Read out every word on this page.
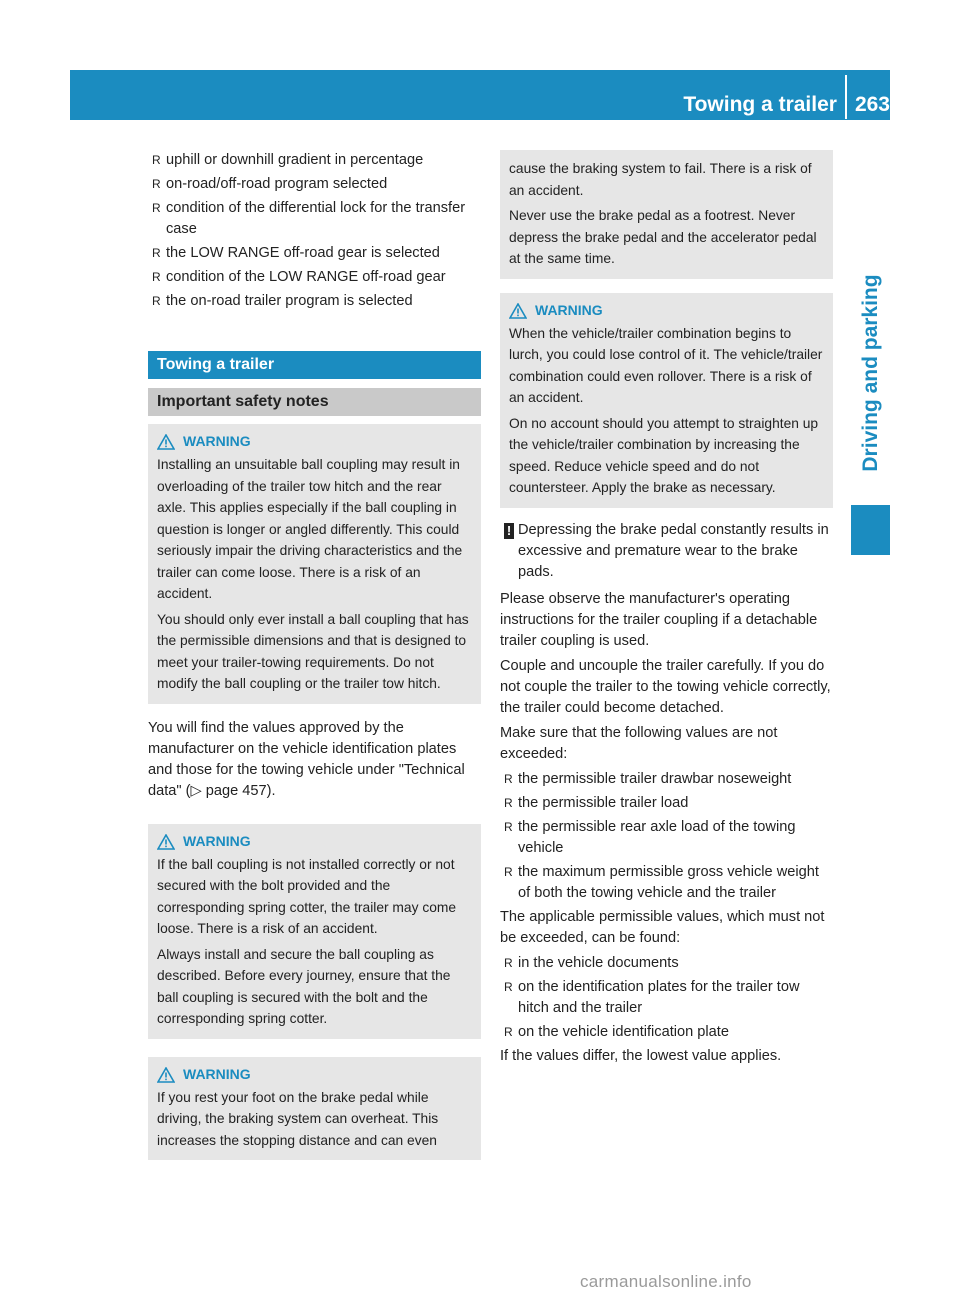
Towing a trailer 263
Driving and parking
R uphill or downhill gradient in percentage
R on-road/off-road program selected
R condition of the differential lock for the transfer case
R the LOW RANGE off-road gear is selected
R condition of the LOW RANGE off-road gear
R the on-road trailer program is selected
Towing a trailer
Important safety notes
WARNING

Installing an unsuitable ball coupling may result in overloading of the trailer tow hitch and the rear axle. This applies especially if the ball coupling in question is longer or angled differently. This could seriously impair the driving characteristics and the trailer can come loose. There is a risk of an accident.

You should only ever install a ball coupling that has the permissible dimensions and that is designed to meet your trailer-towing requirements. Do not modify the ball coupling or the trailer tow hitch.

You will find the values approved by the manufacturer on the vehicle identification plates and those for the towing vehicle under "Technical data" (▷ page 457).

WARNING

If the ball coupling is not installed correctly or not secured with the bolt provided and the corresponding spring cotter, the trailer may come loose. There is a risk of an accident.

Always install and secure the ball coupling as described. Before every journey, ensure that the ball coupling is secured with the bolt and the corresponding spring cotter.

WARNING

If you rest your foot on the brake pedal while driving, the braking system can overheat. This increases the stopping distance and can even

cause the braking system to fail. There is a risk of an accident.

Never use the brake pedal as a footrest. Never depress the brake pedal and the accelerator pedal at the same time.

WARNING

When the vehicle/trailer combination begins to lurch, you could lose control of it. The vehicle/trailer combination could even rollover. There is a risk of an accident.

On no account should you attempt to straighten up the vehicle/trailer combination by increasing the speed. Reduce vehicle speed and do not countersteer. Apply the brake as necessary.

! Depressing the brake pedal constantly results in excessive and premature wear to the brake pads.

Please observe the manufacturer's operating instructions for the trailer coupling if a detachable trailer coupling is used.

Couple and uncouple the trailer carefully. If you do not couple the trailer to the towing vehicle correctly, the trailer could become detached.

Make sure that the following values are not exceeded:

R the permissible trailer drawbar noseweight
R the permissible trailer load
R the permissible rear axle load of the towing vehicle
R the maximum permissible gross vehicle weight of both the towing vehicle and the trailer

The applicable permissible values, which must not be exceeded, can be found:

R in the vehicle documents
R on the identification plates for the trailer tow hitch and the trailer
R on the vehicle identification plate

If the values differ, the lowest value applies.

carmanualsonline.info
